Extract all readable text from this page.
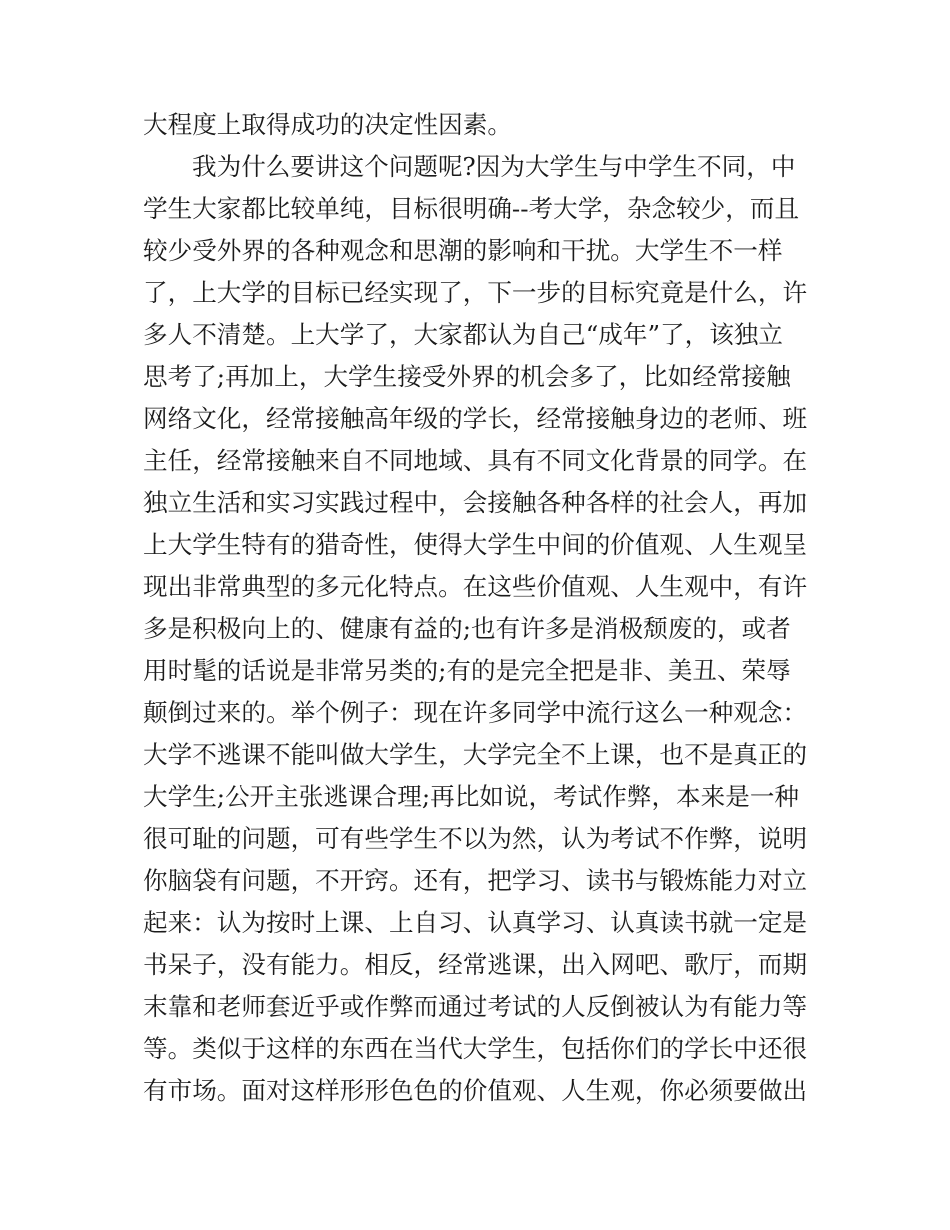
大程度上取得成功的决定性因素。
我为什么要讲这个问题呢?因为大学生与中学生不同，中
学生大家都比较单纯，目标很明确--考大学，杂念较少，而且
较少受外界的各种观念和思潮的影响和干扰。大学生不一样
了，上大学的目标已经实现了，下一步的目标究竟是什么，许
多人不清楚。上大学了，大家都认为自己“成年”了，该独立
思考了;再加上，大学生接受外界的机会多了，比如经常接触
网络文化，经常接触高年级的学长，经常接触身边的老师、班
主任，经常接触来自不同地域、具有不同文化背景的同学。在
独立生活和实习实践过程中，会接触各种各样的社会人，再加
上大学生特有的猎奇性，使得大学生中间的价值观、人生观呈
现出非常典型的多元化特点。在这些价值观、人生观中，有许
多是积极向上的、健康有益的;也有许多是消极颓废的，或者
用时髦的话说是非常另类的;有的是完全把是非、美丑、荣辱
颠倒过来的。举个例子：现在许多同学中流行这么一种观念：
大学不逃课不能叫做大学生，大学完全不上课，也不是真正的
大学生;公开主张逃课合理;再比如说，考试作弊，本来是一种
很可耻的问题，可有些学生不以为然，认为考试不作弊，说明
你脑袋有问题，不开窍。还有，把学习、读书与锻炼能力对立
起来：认为按时上课、上自习、认真学习、认真读书就一定是
书呆子，没有能力。相反，经常逃课，出入网吧、歌厅，而期
末靠和老师套近乎或作弊而通过考试的人反倒被认为有能力等
等。类似于这样的东西在当代大学生，包括你们的学长中还很
有市场。面对这样形形色色的价值观、人生观，你必须要做出
